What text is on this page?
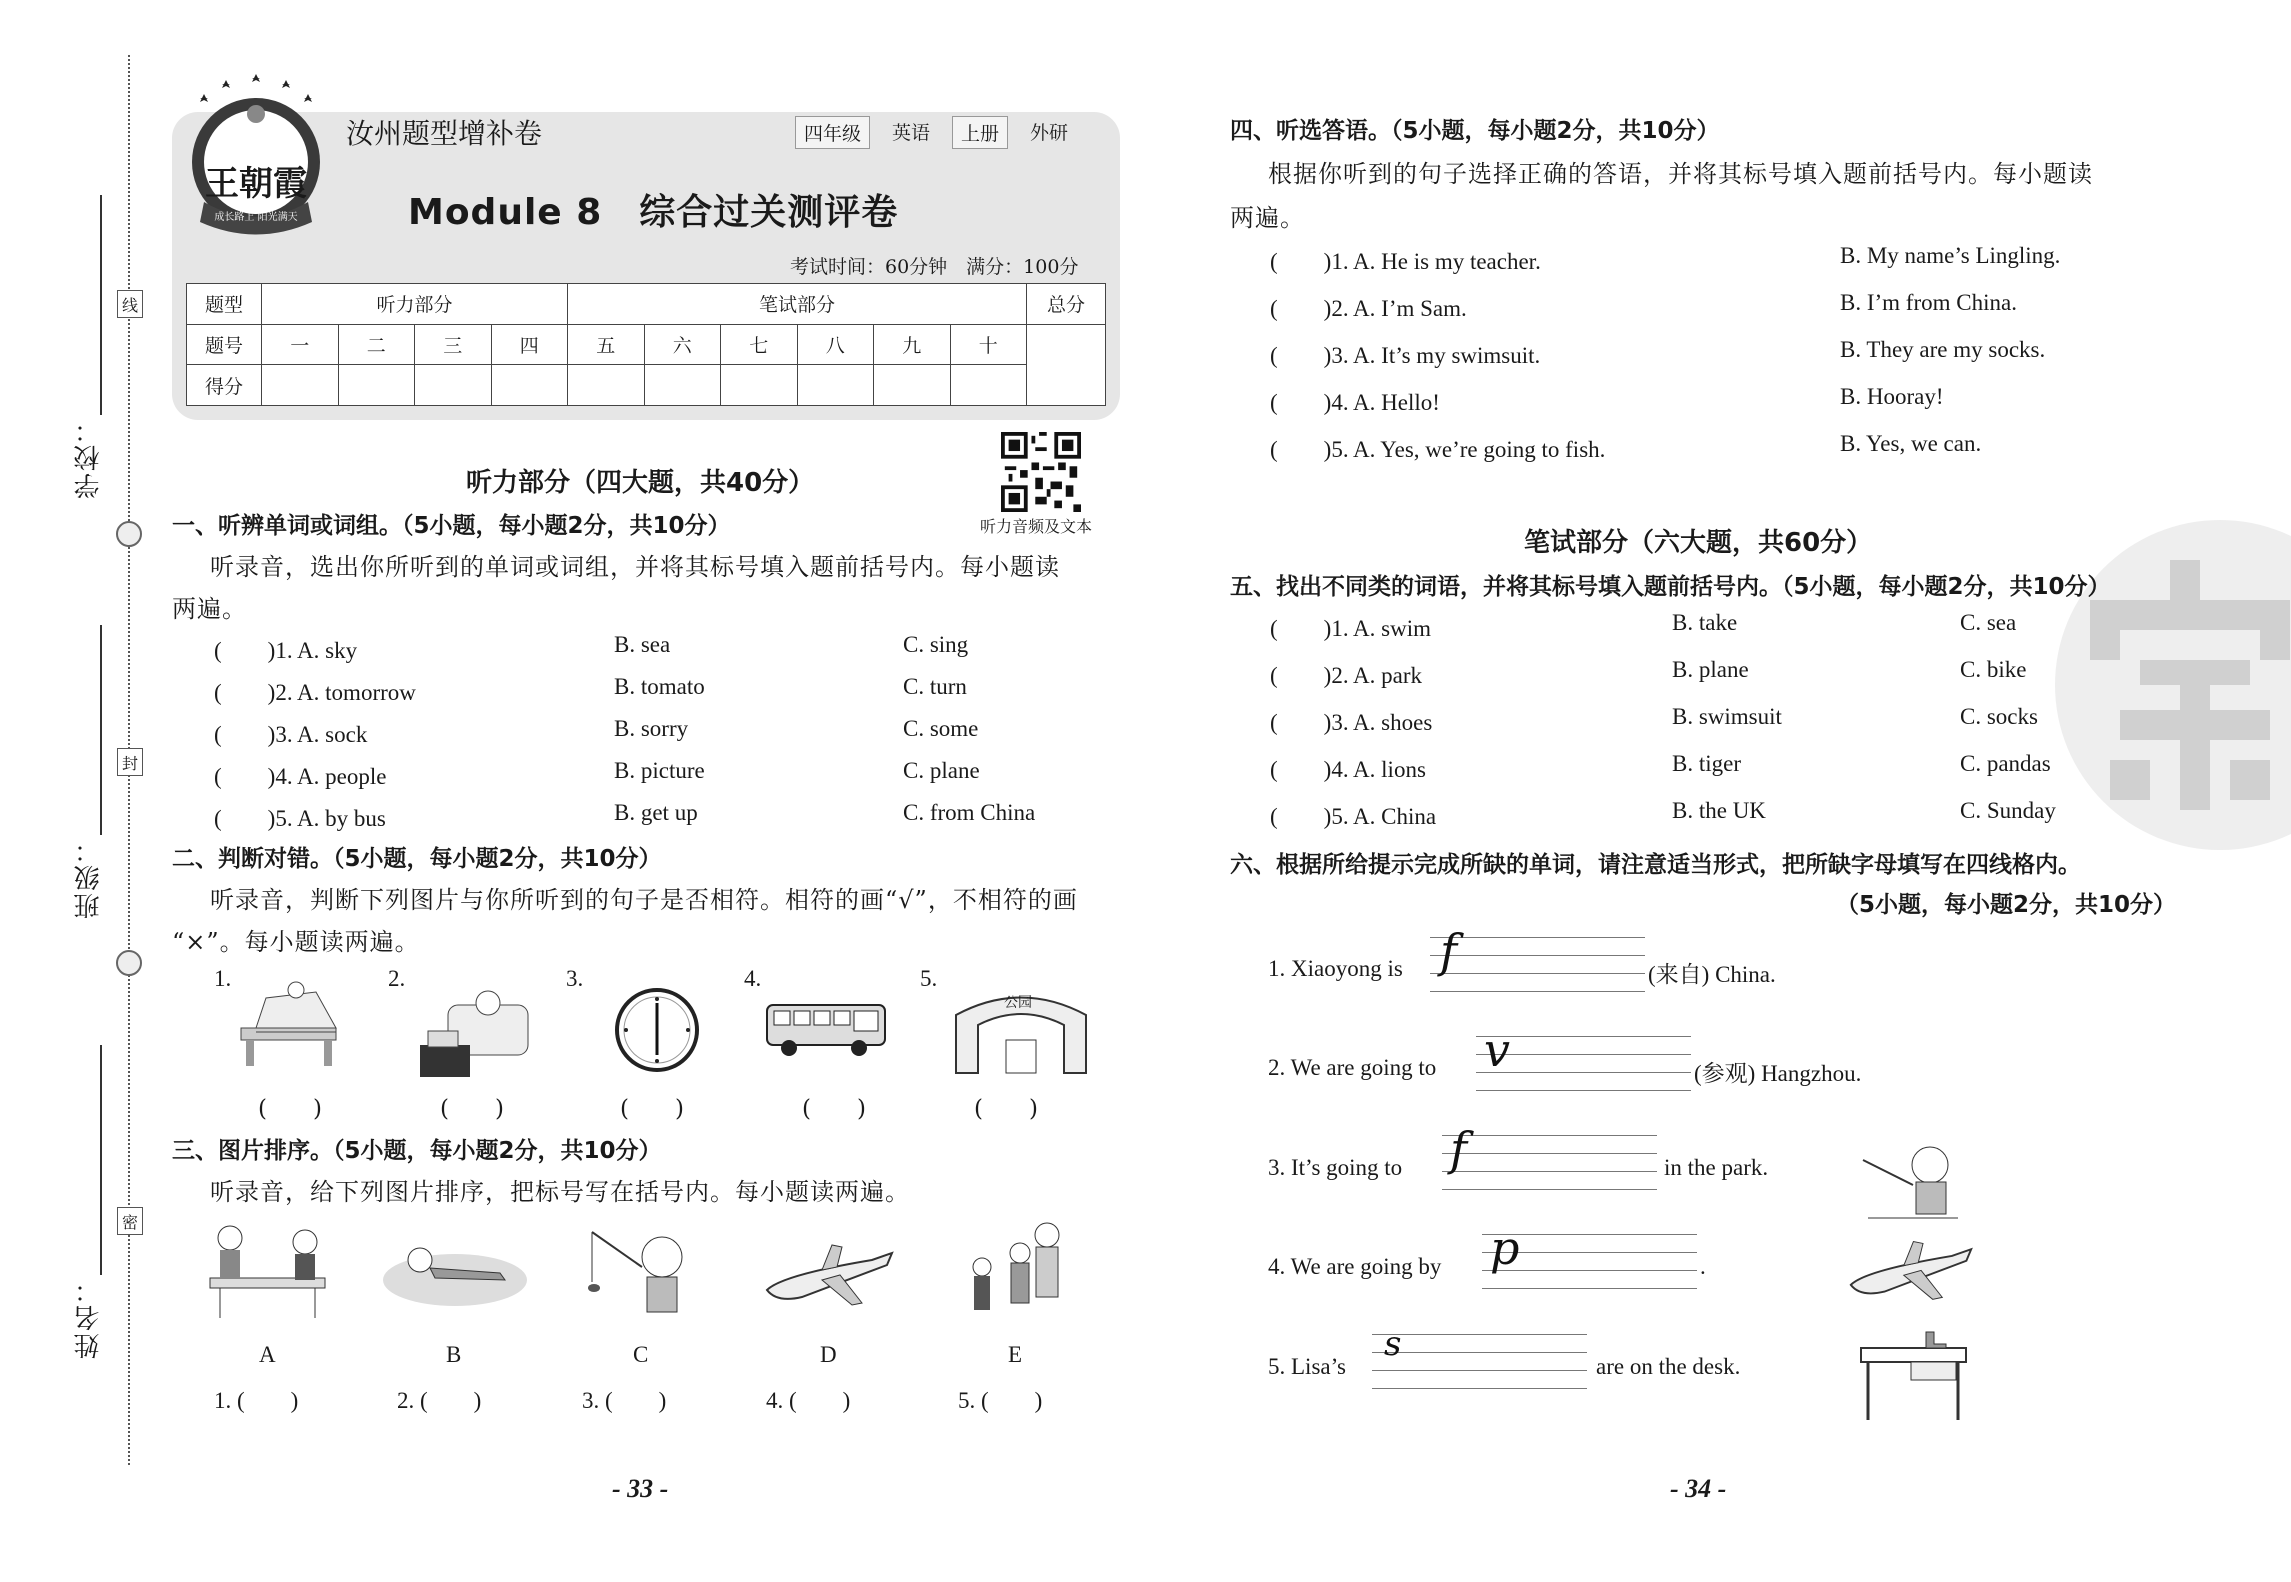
学校：
班级：
姓名：
线
封
密
王朝霞
成长路上 阳光满天
汝州题型增补卷	四年级	英语	上册	外研
Module 8　综合过关测评卷
考试时间：60分钟　满分：100分
题型	听力部分				笔试部分						总分
题号	一	二	三	四	五	六	七	八	九	十	
得分											
听力音频及文本
听力部分（四大题，共40分）
一、听辨单词或词组。（5小题，每小题2分，共10分）
听录音，选出你所听到的单词或词组，并将其标号填入题前括号内。每小题读
两遍。
(　　)1. A. sky	B. sea	C. sing
(　　)2. A. tomorrow	B. tomato	C. turn
(　　)3. A. sock	B. sorry	C. some
(　　)4. A. people	B. picture	C. plane
(　　)5. A. by bus	B. get up	C. from China
二、判断对错。（5小题，每小题2分，共10分）
听录音，判断下列图片与你所听到的句子是否相符。相符的画“√”，不相符的画
“×”。每小题读两遍。
1.	2.	3.	4.	5.
公园
(　　)	(　　)	(　　)	(　　)	(　　)
三、图片排序。（5小题，每小题2分，共10分）
听录音，给下列图片排序，把标号写在括号内。每小题读两遍。
A	B	C	D	E
1. (　　)	2. (　　)	3. (　　)	4. (　　)	5. (　　)
- 33 -
四、听选答语。（5小题，每小题2分，共10分）
根据你听到的句子选择正确的答语，并将其标号填入题前括号内。每小题读
两遍。
(　　)1. A. He is my teacher.	B. My name’s Lingling.
(　　)2. A. I’m Sam.	B. I’m from China.
(　　)3. A. It’s my swimsuit.	B. They are my socks.
(　　)4. A. Hello!	B. Hooray!
(　　)5. A. Yes, we’re going to fish.	B. Yes, we can.
笔试部分（六大题，共60分）
五、找出不同类的词语，并将其标号填入题前括号内。（5小题，每小题2分，共10分）
(　　)1. A. swim	B. take	C. sea
(　　)2. A. park	B. plane	C. bike
(　　)3. A. shoes	B. swimsuit	C. socks
(　　)4. A. lions	B. tiger	C. pandas
(　　)5. A. China	B. the UK	C. Sunday
六、根据所给提示完成所缺的单词，请注意适当形式，把所缺字母填写在四线格内。
（5小题，每小题2分，共10分）
1. Xiaoyong is f	(来自) China.
2. We are going to v	(参观) Hangzhou.
3. It’s going to f	in the park.
4. We are going by p	.
5. Lisa’s
s
are on the desk.
- 34 -
